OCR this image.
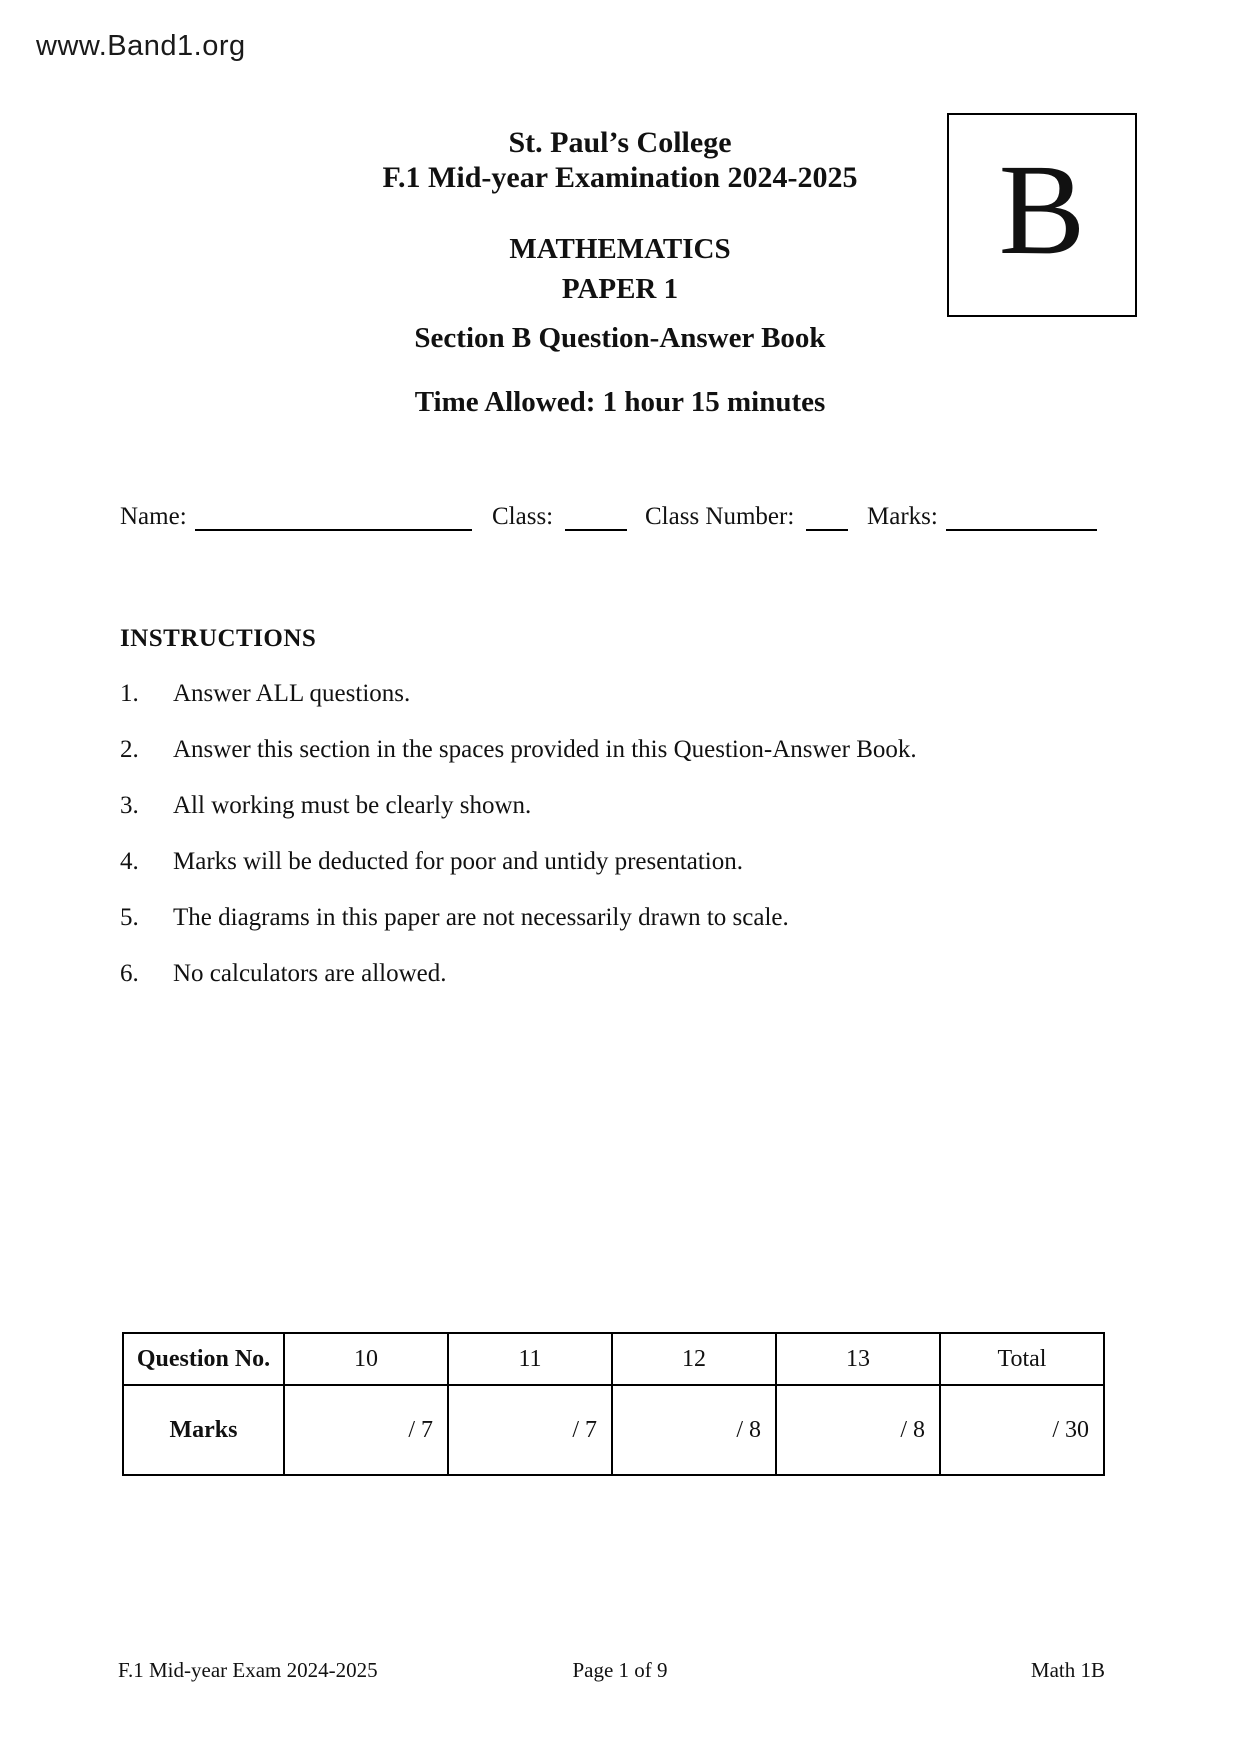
www.Band1.org
St. Paul’s College
F.1 Mid-year Examination 2024-2025
MATHEMATICS
PAPER 1
Section B Question-Answer Book
Time Allowed: 1 hour 15 minutes
B
Name:	Class:	Class Number:	Marks:
INSTRUCTIONS
1.	Answer ALL questions.
2.	Answer this section in the spaces provided in this Question-Answer Book.
3.	All working must be clearly shown.
4.	Marks will be deducted for poor and untidy presentation.
5.	The diagrams in this paper are not necessarily drawn to scale.
6.	No calculators are allowed.
Question No.	10	11	12	13	Total
Marks	/ 7	/ 7	/ 8	/ 8	/ 30
F.1 Mid-year Exam 2024-2025	Page 1 of 9	Math 1B
